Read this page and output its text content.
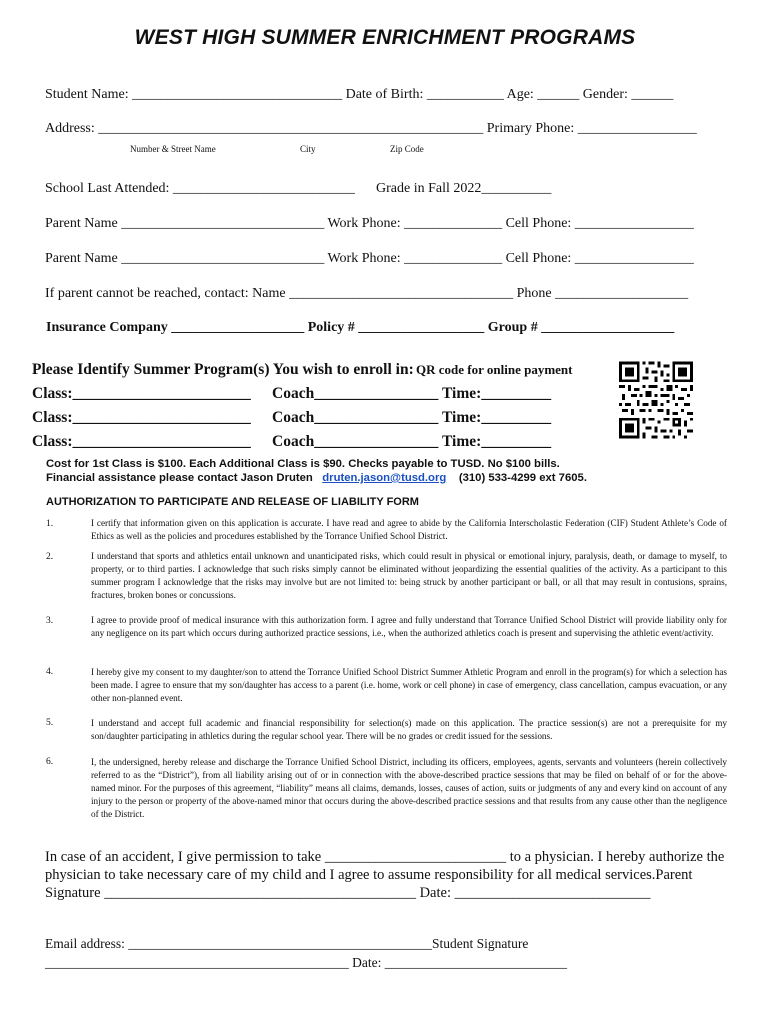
WEST HIGH SUMMER ENRICHMENT PROGRAMS
Student Name: ______________________________ Date of Birth: ___________ Age: ______ Gender: ______
Address: _______________________________________________________ Primary Phone: _________________
Number & Street Name	City	Zip Code
School Last Attended: __________________________ Grade in Fall 2022__________
Parent Name _____________________________ Work Phone: ______________ Cell Phone: _________________
Parent Name _____________________________ Work Phone: ______________ Cell Phone: _________________
If parent cannot be reached, contact: Name ________________________________ Phone ___________________
Insurance Company ___________________ Policy # __________________ Group # ___________________
Please Identify Summer Program(s) You wish to enroll in: QR code for online payment
Class:_______________________ Coach________________ Time:_________
Class:_______________________ Coach________________ Time:_________
Class:_______________________ Coach________________ Time:_________
Cost for 1st Class is $100. Each Additional Class is $90. Checks payable to TUSD. No $100 bills.
Financial assistance please contact Jason Druten druten.jason@tusd.org (310) 533-4299 ext 7605.
AUTHORIZATION TO PARTICIPATE AND RELEASE OF LIABILITY FORM
1.	I certify that information given on this application is accurate. I have read and agree to abide by the California Interscholastic Federation (CIF) Student Athlete’s Code of Ethics as well as the policies and procedures established by the Torrance Unified School District.
2.	I understand that sports and athletics entail unknown and unanticipated risks, which could result in physical or emotional injury, paralysis, death, or damage to myself, to property, or to third parties. I acknowledge that such risks simply cannot be eliminated without jeopardizing the essential qualities of the activity. As a participant to this summer program I acknowledge that the risks may involve but are not limited to: being struck by another participant or ball, or all that may result in contusions, sprains, fractures, broken bones or concussions.
3.	I agree to provide proof of medical insurance with this authorization form. I agree and fully understand that Torrance Unified School District will provide liability only for any negligence on its part which occurs during authorized practice sessions, i.e., when the authorized athletics coach is present and supervising the athletic event/activity.
4.	I hereby give my consent to my daughter/son to attend the Torrance Unified School District Summer Athletic Program and enroll in the program(s) for which a selection has been made. I agree to ensure that my son/daughter has access to a parent (i.e. home, work or cell phone) in case of emergency, class cancellation, campus evacuation, or any other non-planned event.
5.	I understand and accept full academic and financial responsibility for selection(s) made on this application. The practice session(s) are not a prerequisite for my son/daughter participating in athletics during the regular school year. There will be no grades or credit issued for the sessions.
6.	I, the undersigned, hereby release and discharge the Torrance Unified School District, including its officers, employees, agents, servants and volunteers (herein collectively referred to as the “District”), from all liability arising out of or in connection with the above-described practice sessions that may be filed on behalf of or for the above-named minor. For the purposes of this agreement, “liability” means all claims, demands, losses, causes of action, suits or judgments of any and every kind on account of any injury to the person or property of the above-named minor that occurs during the above-described practice sessions and that results from any cause other than the negligence of the District.
In case of an accident, I give permission to take _________________________ to a physician. I hereby authorize the
physician to take necessary care of my child and I agree to assume responsibility for all medical services.Parent
Signature ___________________________________________ Date: ___________________________
Email address: _____________________________________________Student Signature
_____________________________________________ Date: ___________________________
